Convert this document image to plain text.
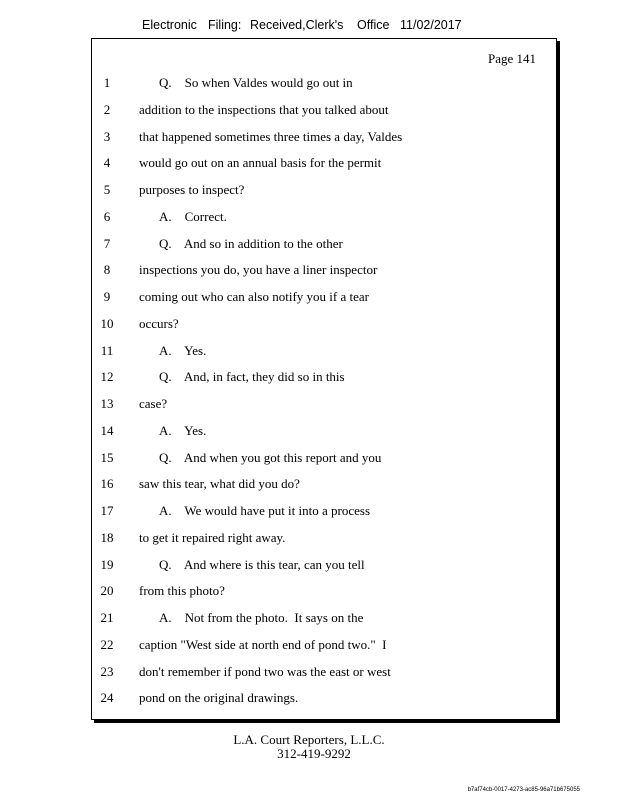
Electronic Filing: Received,Clerk's Office 11/02/2017
Page 141
1	Q.    So when Valdes would go out in
2	addition to the inspections that you talked about
3	that happened sometimes three times a day, Valdes
4	would go out on an annual basis for the permit
5	purposes to inspect?
6	A.    Correct.
7	Q.    And so in addition to the other
8	inspections you do, you have a liner inspector
9	coming out who can also notify you if a tear
10 occurs?
11	A.    Yes.
12	Q.    And, in fact, they did so in this
13 case?
14	A.    Yes.
15	Q.    And when you got this report and you
16 saw this tear, what did you do?
17	A.    We would have put it into a process
18 to get it repaired right away.
19	Q.    And where is this tear, can you tell
20 from this photo?
21	A.    Not from the photo.  It says on the
22 caption "West side at north end of pond two."  I
23 don't remember if pond two was the east or west
24 pond on the original drawings.
L.A. Court Reporters, L.L.C.
312-419-9292
b7af74cb-0017-4273-ac85-96a71b675055
